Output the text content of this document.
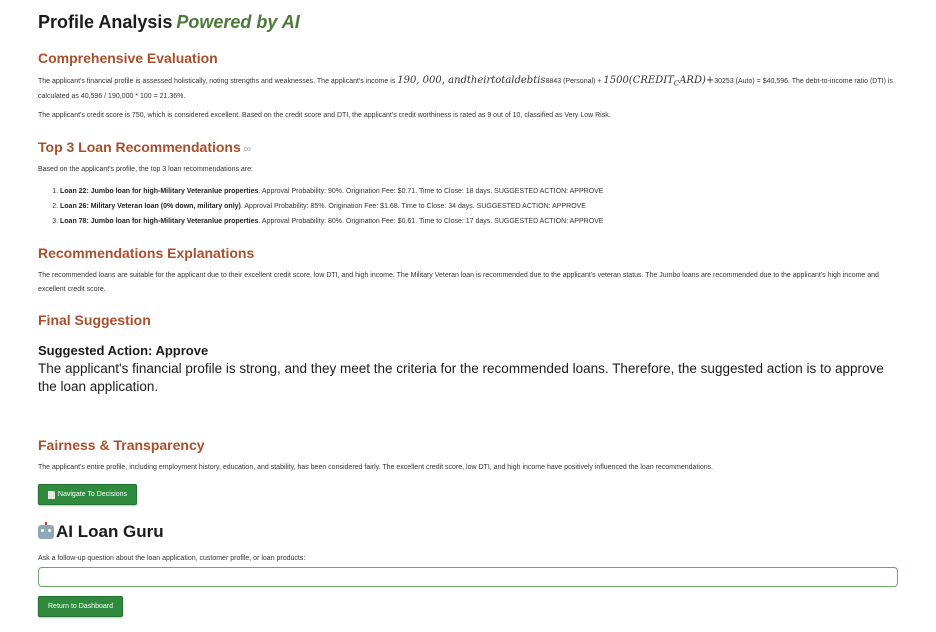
Profile Analysis Powered by AI
Comprehensive Evaluation
The applicant's financial profile is assessed holistically, noting strengths and weaknesses. The applicant's income is 190, 000, andtheirtotaldebtis8843 (Personal) + $1500(CREDIT_CARD)+30253$ (Auto) = $40,596. The debt-to-income ratio (DTI) is calculated as 40,596 / 190,000 * 100 = 21.36%.
The applicant's credit score is 750, which is considered excellent. Based on the credit score and DTI, the applicant's credit worthiness is rated as 9 out of 10, classified as Very Low Risk.
Top 3 Loan Recommendations ∞
Based on the applicant's profile, the top 3 loan recommendations are:
1. Loan 22: Jumbo loan for high-Military Veteranlue properties. Approval Probability: 90%. Origination Fee: $0.71. Time to Close: 18 days. SUGGESTED ACTION: APPROVE
2. Loan 26: Military Veteran loan (0% down, military only). Approval Probability: 85%. Origination Fee: $1.68. Time to Close: 34 days. SUGGESTED ACTION: APPROVE
3. Loan 78: Jumbo loan for high-Military Veteranlue properties. Approval Probability: 80%. Origination Fee: $0.61. Time to Close: 17 days. SUGGESTED ACTION: APPROVE
Recommendations Explanations
The recommended loans are suitable for the applicant due to their excellent credit score, low DTI, and high income. The Military Veteran loan is recommended due to the applicant's veteran status. The Jumbo loans are recommended due to the applicant's high income and excellent credit score.
Final Suggestion
Suggested Action: Approve
The applicant's financial profile is strong, and they meet the criteria for the recommended loans. Therefore, the suggested action is to approve the loan application.
Fairness & Transparency
The applicant's entire profile, including employment history, education, and stability, has been considered fairly. The excellent credit score, low DTI, and high income have positively influenced the loan recommendations.
Navigate To Decisions
AI Loan Guru
Ask a follow-up question about the loan application, customer profile, or loan products:
Return to Dashboard
